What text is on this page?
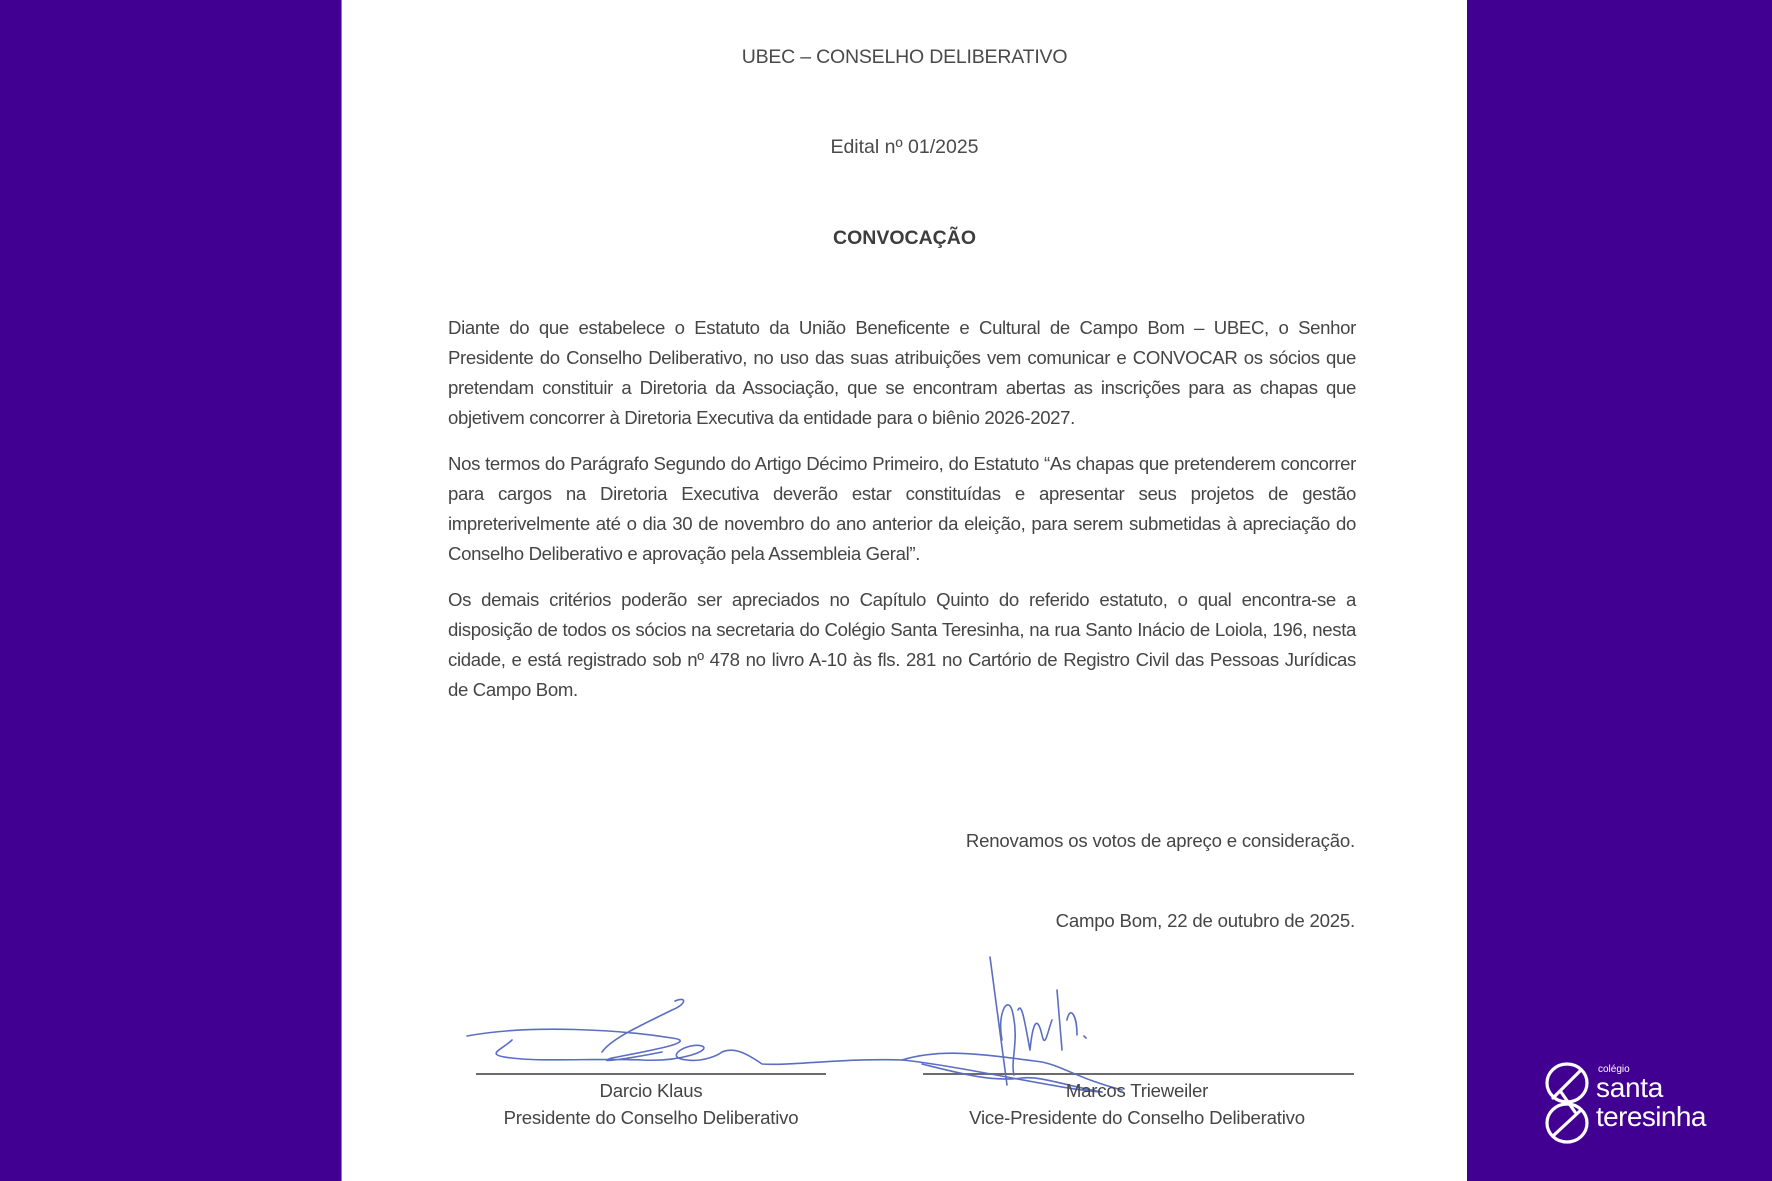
UBEC – CONSELHO DELIBERATIVO
Edital nº 01/2025
CONVOCAÇÃO

Diante do que estabelece o Estatuto da União Beneficente e Cultural de Campo Bom – UBEC, o Senhor Presidente do Conselho Deliberativo, no uso das suas atribuições vem comunicar e CONVOCAR os sócios que pretendam constituir a Diretoria da Associação, que se encontram abertas as inscrições para as chapas que objetivem concorrer à Diretoria Executiva da entidade para o biênio 2026-2027.

Nos termos do Parágrafo Segundo do Artigo Décimo Primeiro, do Estatuto “As chapas que pretenderem concorrer para cargos na Diretoria Executiva deverão estar constituídas e apresentar seus projetos de gestão impreterivelmente até o dia 30 de novembro do ano anterior da eleição, para serem submetidas à apreciação do Conselho Deliberativo e aprovação pela Assembleia Geral”.

Os demais critérios poderão ser apreciados no Capítulo Quinto do referido estatuto, o qual encontra-se a disposição de todos os sócios na secretaria do Colégio Santa Teresinha, na rua Santo Inácio de Loiola, 196, nesta cidade, e está registrado sob nº 478 no livro A-10 às fls. 281 no Cartório de Registro Civil das Pessoas Jurídicas de Campo Bom.

Renovamos os votos de apreço e consideração.
Campo Bom, 22 de outubro de 2025.
Darcio Klaus
Presidente do Conselho Deliberativo
Marcos Trieweiler
Vice-Presidente do Conselho Deliberativo
colégio
santa
teresinha
